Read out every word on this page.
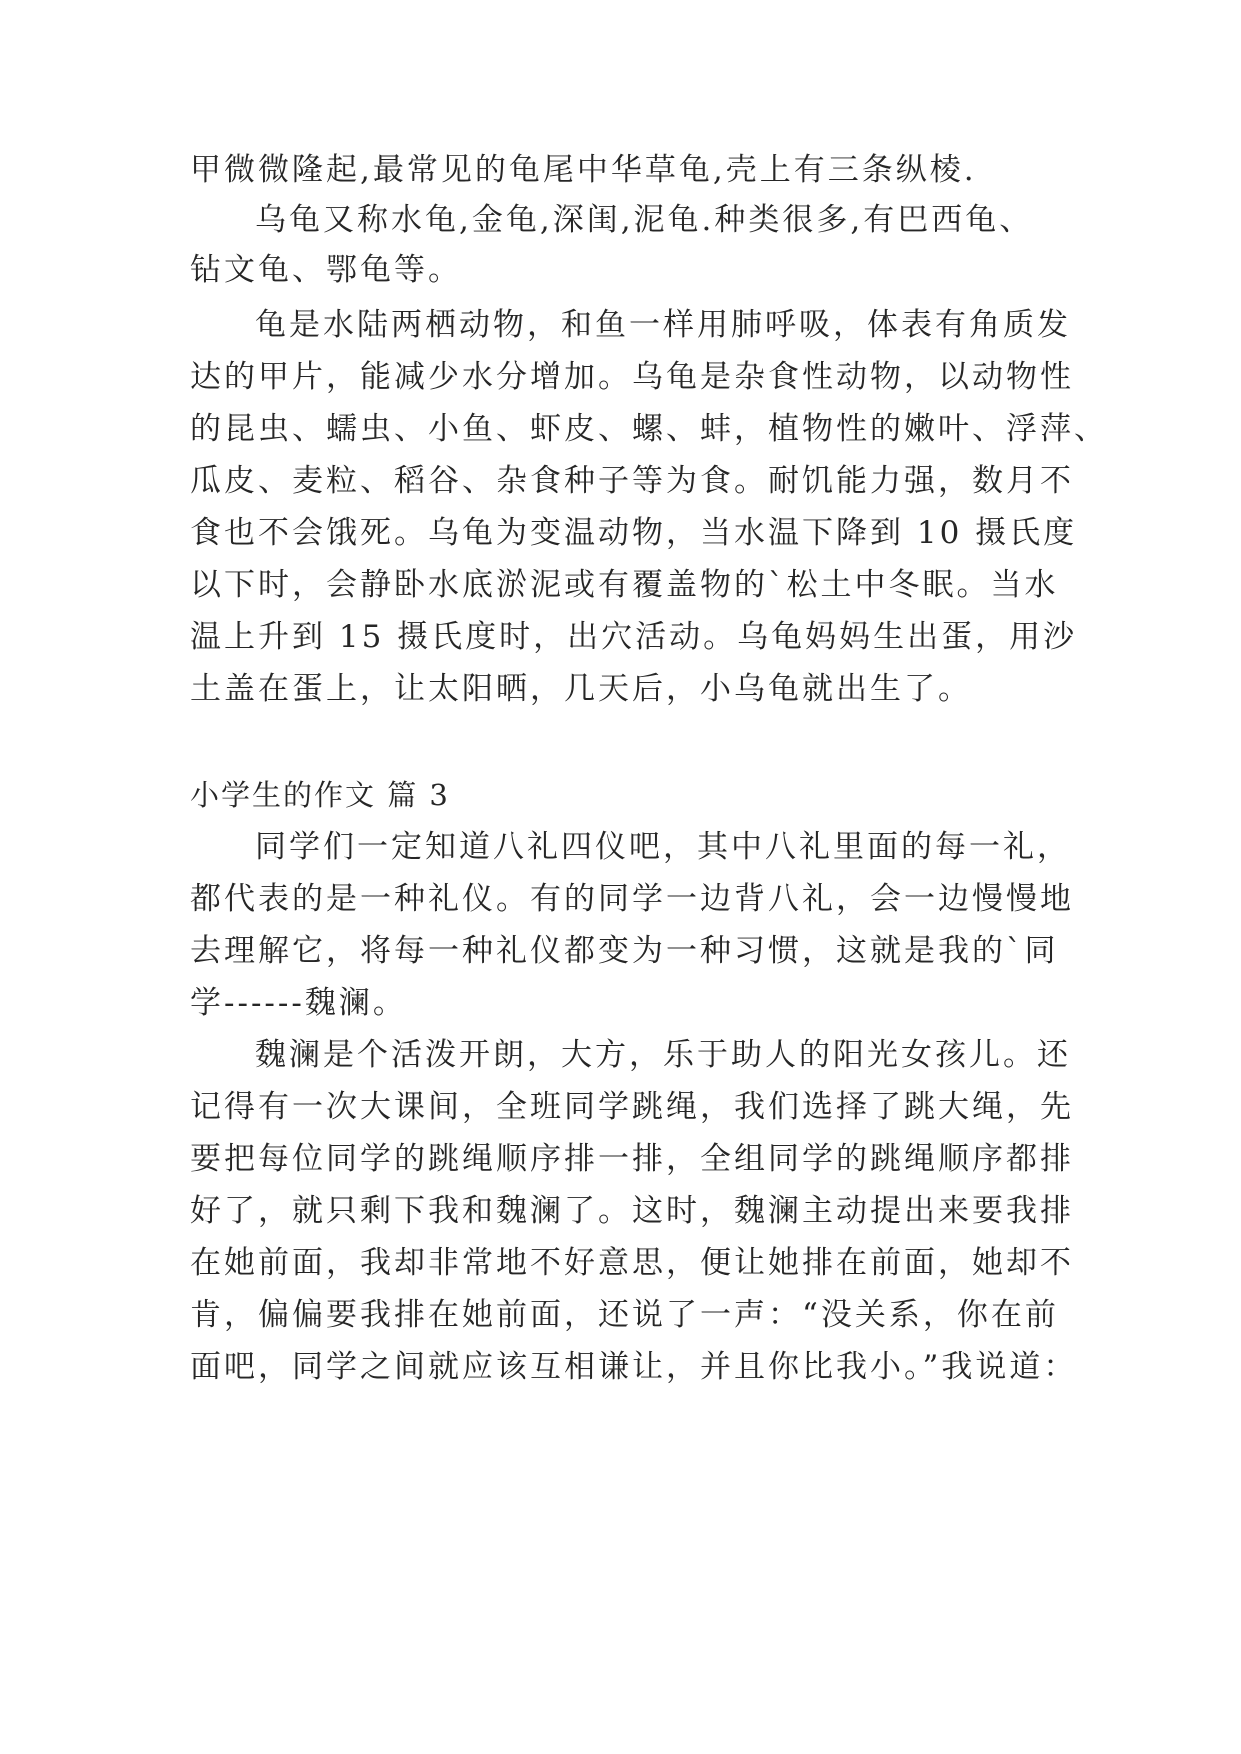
甲微微隆起,最常见的龟尾中华草龟,壳上有三条纵棱.
乌龟又称水龟,金龟,深闺,泥龟.种类很多,有巴西龟、
钻文龟、鄂龟等。
龟是水陆两栖动物，和鱼一样用肺呼吸，体表有角质发
达的甲片，能减少水分增加。乌龟是杂食性动物，以动物性
的昆虫、蠕虫、小鱼、虾皮、螺、蚌，植物性的嫩叶、浮萍、
瓜皮、麦粒、稻谷、杂食种子等为食。耐饥能力强，数月不
食也不会饿死。乌龟为变温动物，当水温下降到 10 摄氏度
以下时，会静卧水底淤泥或有覆盖物的`松土中冬眠。当水
温上升到 15 摄氏度时，出穴活动。乌龟妈妈生出蛋，用沙
土盖在蛋上，让太阳晒，几天后，小乌龟就出生了。
小学生的作文 篇 3
同学们一定知道八礼四仪吧，其中八礼里面的每一礼，
都代表的是一种礼仪。有的同学一边背八礼，会一边慢慢地
去理解它，将每一种礼仪都变为一种习惯，这就是我的`同
学------魏澜。
魏澜是个活泼开朗，大方，乐于助人的阳光女孩儿。还
记得有一次大课间，全班同学跳绳，我们选择了跳大绳，先
要把每位同学的跳绳顺序排一排，全组同学的跳绳顺序都排
好了，就只剩下我和魏澜了。这时，魏澜主动提出来要我排
在她前面，我却非常地不好意思，便让她排在前面，她却不
肯，偏偏要我排在她前面，还说了一声：“没关系，你在前
面吧，同学之间就应该互相谦让，并且你比我小。”我说道：
